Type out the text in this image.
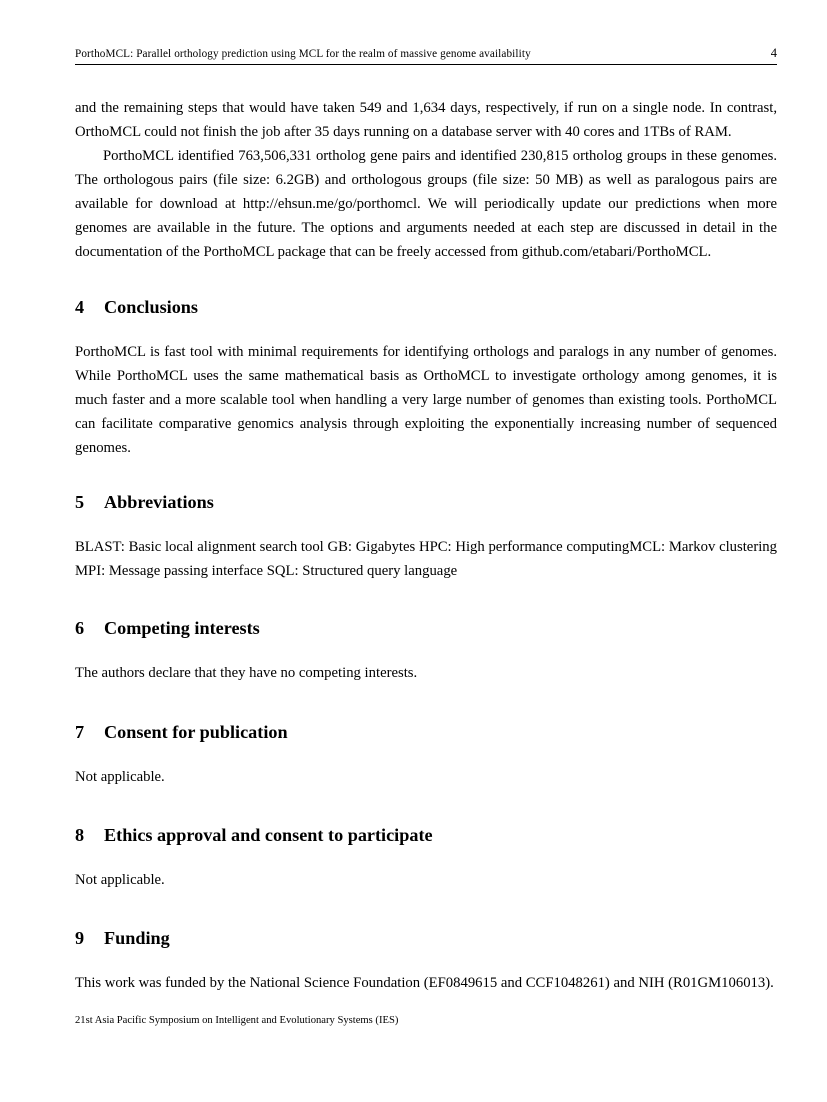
PorthoMCL: Parallel orthology prediction using MCL for the realm of massive genome availability	4

and the remaining steps that would have taken 549 and 1,634 days, respectively, if run on a single node. In contrast, OrthoMCL could not finish the job after 35 days running on a database server with 40 cores and 1TBs of RAM.

PorthoMCL identified 763,506,331 ortholog gene pairs and identified 230,815 ortholog groups in these genomes. The orthologous pairs (file size: 6.2GB) and orthologous groups (file size: 50 MB) as well as paralogous pairs are available for download at http://ehsun.me/go/porthomcl. We will periodically update our predictions when more genomes are available in the future. The options and arguments needed at each step are discussed in detail in the documentation of the PorthoMCL package that can be freely accessed from github.com/etabari/PorthoMCL.

4 Conclusions

PorthoMCL is fast tool with minimal requirements for identifying orthologs and paralogs in any number of genomes. While PorthoMCL uses the same mathematical basis as OrthoMCL to investigate orthology among genomes, it is much faster and a more scalable tool when handling a very large number of genomes than existing tools. PorthoMCL can facilitate comparative genomics analysis through exploiting the exponentially increasing number of sequenced genomes.

5 Abbreviations

BLAST: Basic local alignment search tool GB: Gigabytes HPC: High performance computingMCL: Markov clustering MPI: Message passing interface SQL: Structured query language

6 Competing interests

The authors declare that they have no competing interests.

7 Consent for publication

Not applicable.

8 Ethics approval and consent to participate

Not applicable.

9 Funding

This work was funded by the National Science Foundation (EF0849615 and CCF1048261) and NIH (R01GM106013).

21st Asia Pacific Symposium on Intelligent and Evolutionary Systems (IES)
